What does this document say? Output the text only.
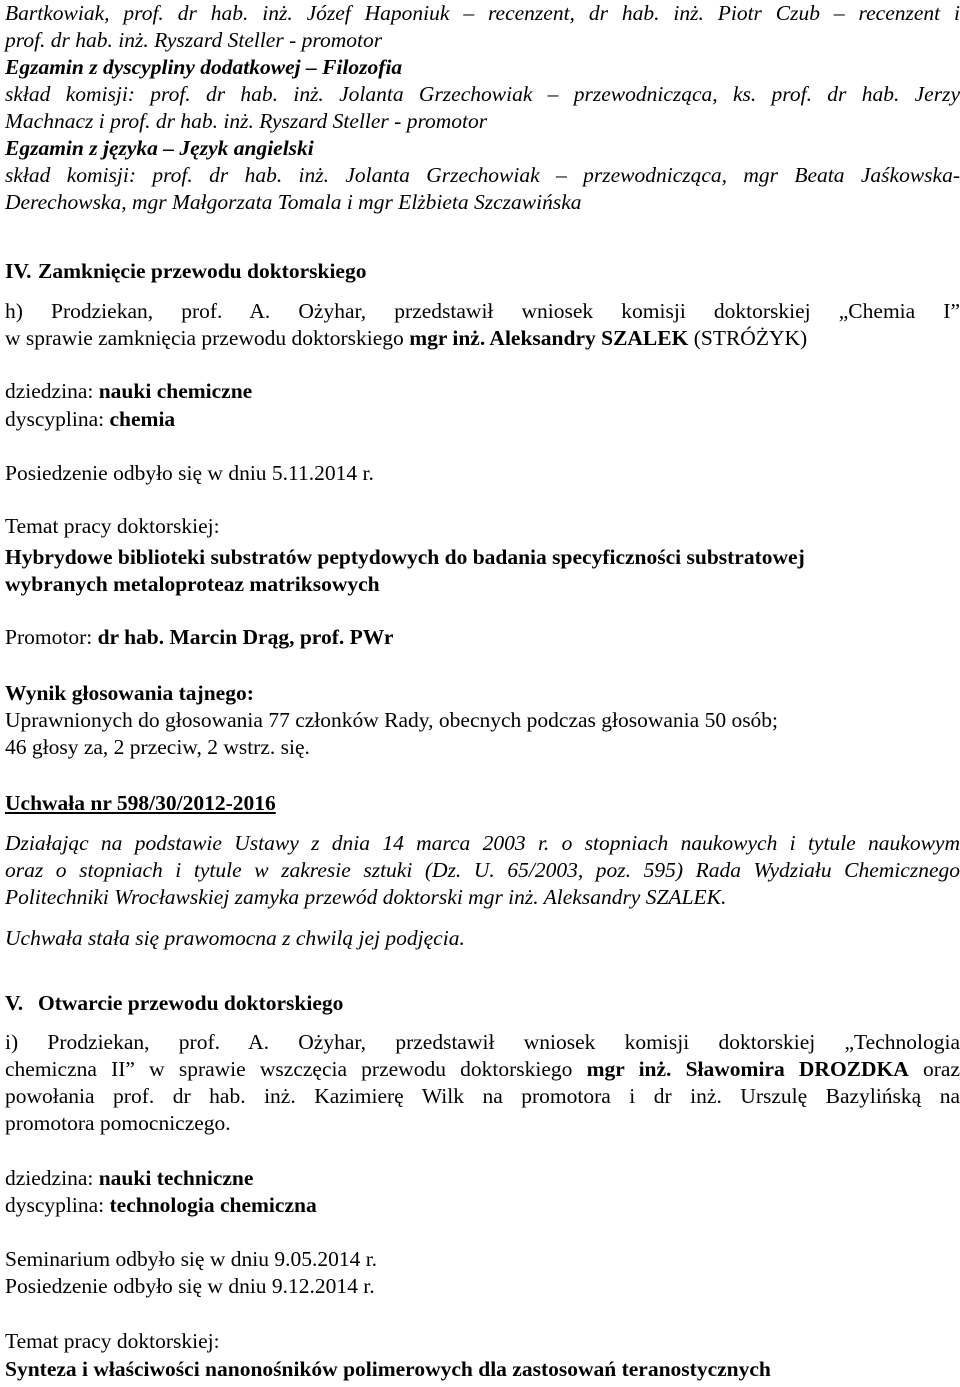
Bartkowiak, prof. dr hab. inż. Józef Haponiuk – recenzent, dr hab. inż. Piotr Czub – recenzent i
prof. dr hab. inż. Ryszard Steller - promotor
Egzamin z dyscypliny dodatkowej – Filozofia
skład komisji: prof. dr hab. inż. Jolanta Grzechowiak – przewodnicząca, ks. prof. dr hab. Jerzy
Machnacz i prof. dr hab. inż. Ryszard Steller - promotor
Egzamin z języka – Język angielski
skład komisji: prof. dr hab. inż. Jolanta Grzechowiak – przewodnicząca, mgr Beata Jaśkowska-
Derechowska, mgr Małgorzata Tomala i mgr Elżbieta Szczawińska
IV. Zamknięcie przewodu doktorskiego
h) Prodziekan, prof. A. Ożyhar, przedstawił wniosek komisji doktorskiej „Chemia I”
w sprawie zamknięcia przewodu doktorskiego mgr inż. Aleksandry SZALEK (STRÓŻYK)
dziedzina: nauki chemiczne
dyscyplina: chemia
Posiedzenie odbyło się w dniu 5.11.2014 r.
Temat pracy doktorskiej:
Hybrydowe biblioteki substratów peptydowych do badania specyficzności substratowej
wybranych metaloproteaz matriksowych
Promotor: dr hab. Marcin Drąg, prof. PWr
Wynik głosowania tajnego:
Uprawnionych do głosowania 77 członków Rady, obecnych podczas głosowania 50 osób;
46 głosy za, 2 przeciw, 2 wstrz. się.
Uchwała nr 598/30/2012-2016
Działając na podstawie Ustawy z dnia 14 marca 2003 r. o stopniach naukowych i tytule naukowym
oraz o stopniach i tytule w zakresie sztuki (Dz. U. 65/2003, poz. 595) Rada Wydziału Chemicznego
Politechniki Wrocławskiej zamyka przewód doktorski mgr inż. Aleksandry SZALEK.
Uchwała stała się prawomocna z chwilą jej podjęcia.
V. Otwarcie przewodu doktorskiego
i) Prodziekan, prof. A. Ożyhar, przedstawił wniosek komisji doktorskiej „Technologia
chemiczna II” w sprawie wszczęcia przewodu doktorskiego mgr inż. Sławomira DROZDKA oraz
powołania prof. dr hab. inż. Kazimierę Wilk na promotora i dr inż. Urszulę Bazylińską na
promotora pomocniczego.
dziedzina: nauki techniczne
dyscyplina: technologia chemiczna
Seminarium odbyło się w dniu 9.05.2014 r.
Posiedzenie odbyło się w dniu 9.12.2014 r.
Temat pracy doktorskiej:
Synteza i właściwości nanonośników polimerowych dla zastosowań teranostycznych
